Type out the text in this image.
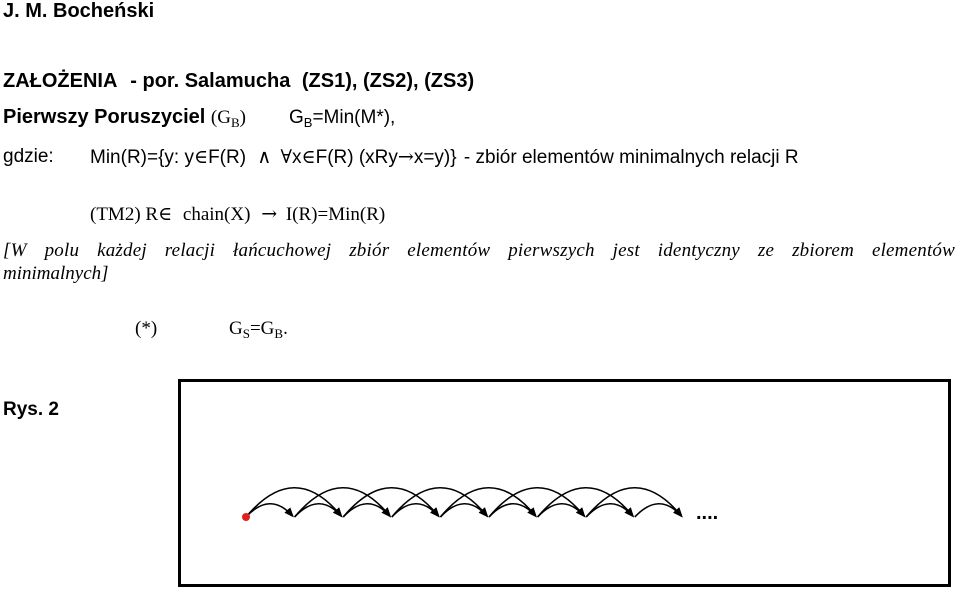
J. M. Bocheński
ZAŁOŻENIA - por. Salamucha (ZS1), (ZS2), (ZS3)
Pierwszy Poruszyciel $(G_B)$ $G_B=Min(M*)$,
gdzie: Min(R)={y: y∈F(R) ∧ ∀x∈F(R) (xRy→x=y)} - zbiór elementów minimalnych relacji R
(TM2) R∈ chain(X) → I(R)=Min(R)
[W polu każdej relacji łańcuchowej zbiór elementów pierwszych jest identyczny ze zbiorem elementów
minimalnych]
(*)	$G_S=G_B$.
Rys. 2
....
